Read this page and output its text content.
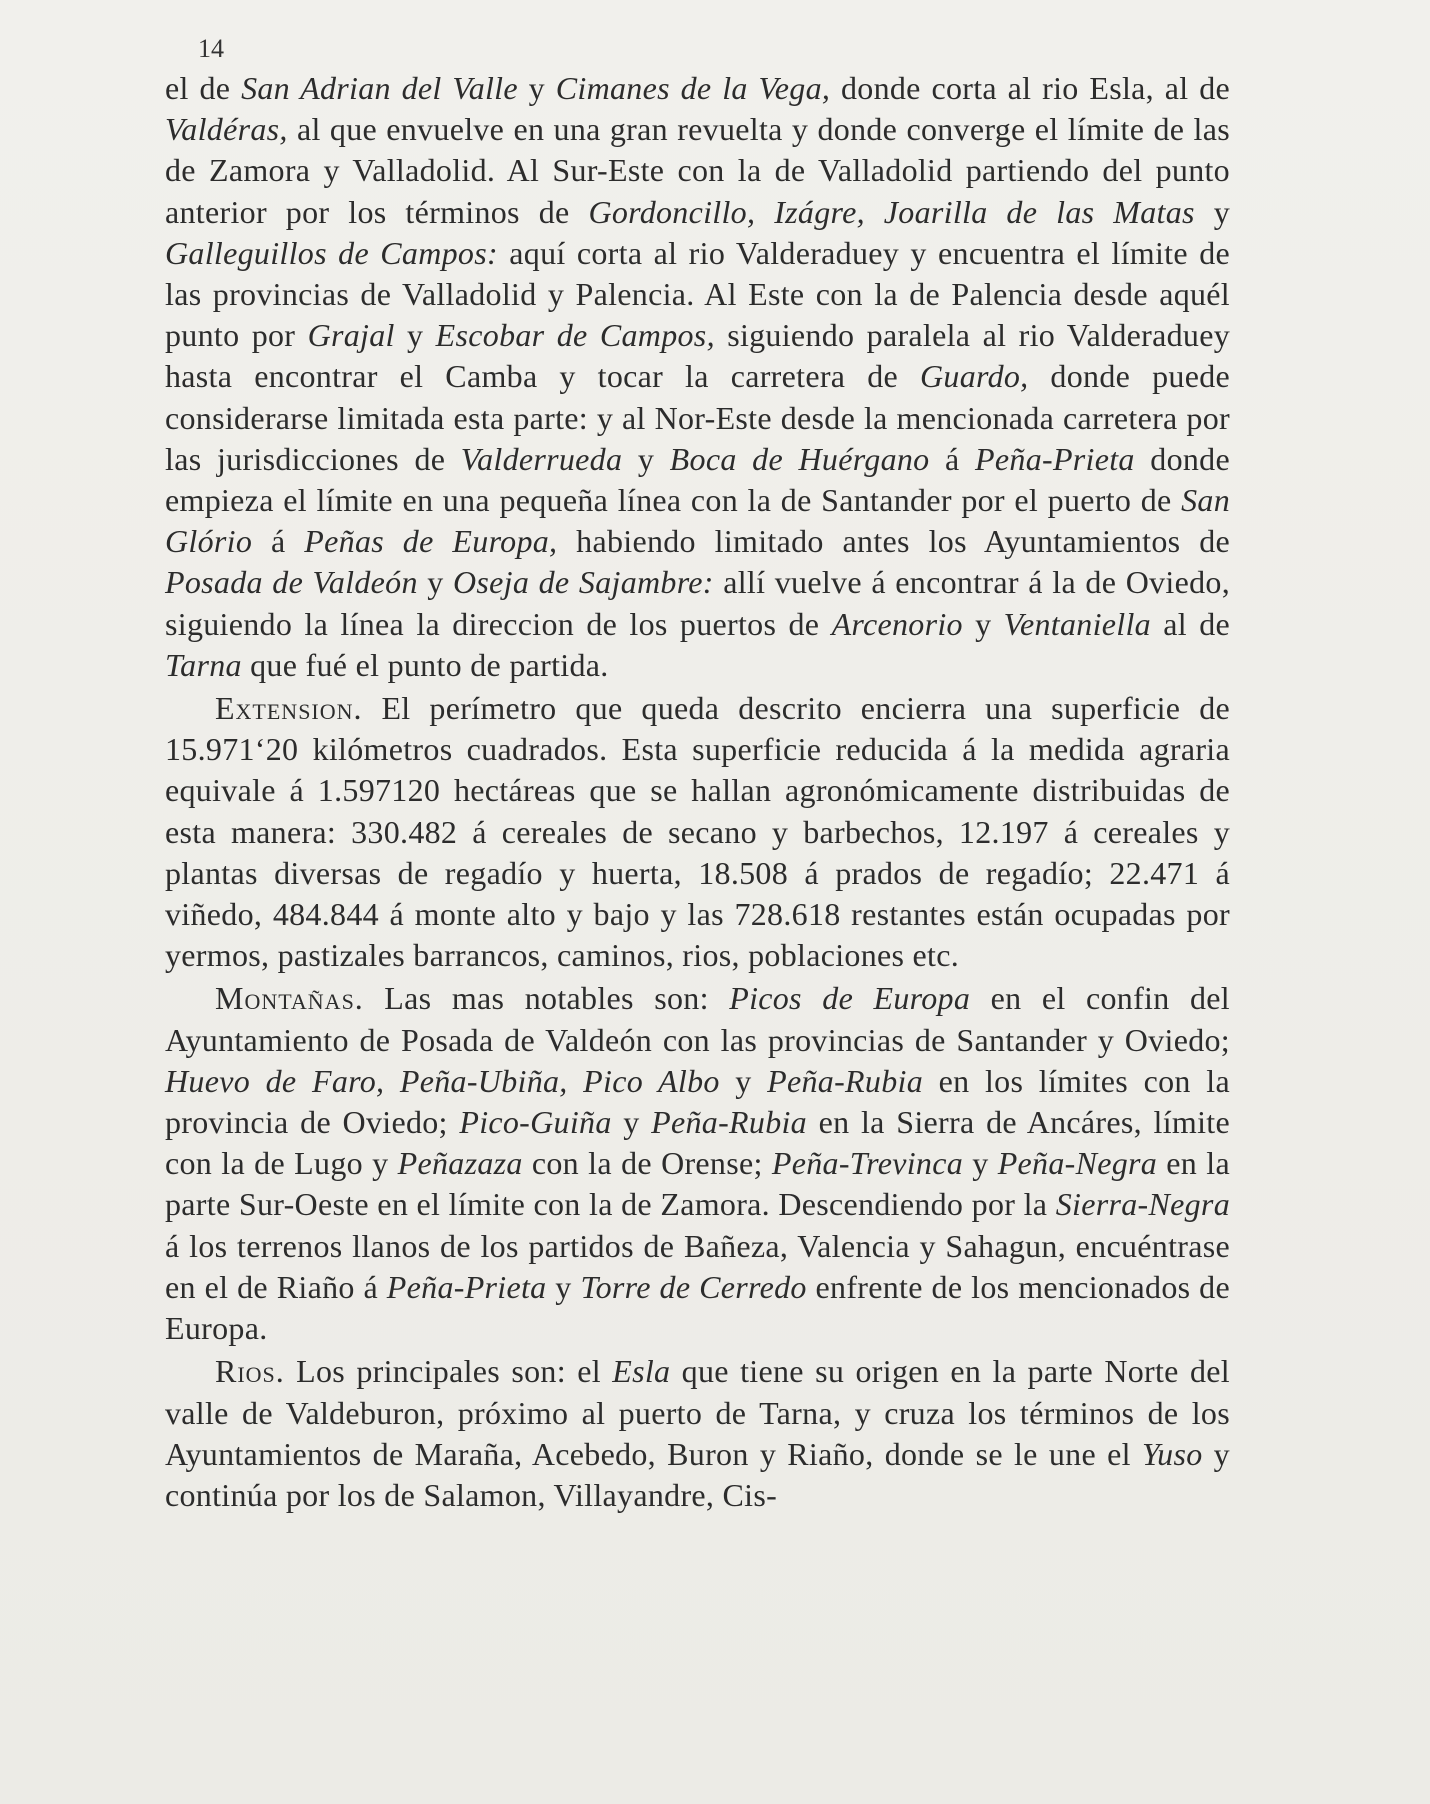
14

el de San Adrian del Valle y Cimanes de la Vega, donde corta al rio Esla, al de Valdéras, al que envuelve en una gran revuelta y donde converge el límite de las de Zamora y Valladolid. Al Sur-Este con la de Valladolid partiendo del punto anterior por los términos de Gordoncillo, Izágre, Joarilla de las Matas y Galleguillos de Campos: aquí corta al rio Valderaduey y encuentra el límite de las provincias de Valladolid y Palencia. Al Este con la de Palencia desde aquél punto por Grajal y Escobar de Campos, siguiendo paralela al rio Valderaduey hasta encontrar el Camba y tocar la carretera de Guardo, donde puede considerarse limitada esta parte: y al Nor-Este desde la mencionada carretera por las jurisdicciones de Valderrueda y Boca de Huérgano á Peña-Prieta donde empieza el límite en una pequeña línea con la de Santander por el puerto de San Glório á Peñas de Europa, habiendo limitado antes los Ayuntamientos de Posada de Valdeón y Oseja de Sajambre: allí vuelve á encontrar á la de Oviedo, siguiendo la línea la direccion de los puertos de Arcenorio y Ventaniella al de Tarna que fué el punto de partida.

Extension. El perímetro que queda descrito encierra una superficie de 15.971‘20 kilómetros cuadrados. Esta superficie reducida á la medida agraria equivale á 1.597120 hectáreas que se hallan agronómicamente distribuidas de esta manera: 330.482 á cereales de secano y barbechos, 12.197 á cereales y plantas diversas de regadío y huerta, 18.508 á prados de regadío; 22.471 á viñedo, 484.844 á monte alto y bajo y las 728.618 restantes están ocupadas por yermos, pastizales barrancos, caminos, rios, poblaciones etc.

Montañas. Las mas notables son: Picos de Europa en el confin del Ayuntamiento de Posada de Valdeón con las provincias de Santander y Oviedo; Huevo de Faro, Peña-Ubiña, Pico Albo y Peña-Rubia en los límites con la provincia de Oviedo; Pico-Guiña y Peña-Rubia en la Sierra de Ancáres, límite con la de Lugo y Peñazaza con la de Orense; Peña-Trevinca y Peña-Negra en la parte Sur-Oeste en el límite con la de Zamora. Descendiendo por la Sierra-Negra á los terrenos llanos de los partidos de Bañeza, Valencia y Sahagun, encuéntrase en el de Riaño á Peña-Prieta y Torre de Cerredo enfrente de los mencionados de Europa.

Rios. Los principales son: el Esla que tiene su origen en la parte Norte del valle de Valdeburon, próximo al puerto de Tarna, y cruza los términos de los Ayuntamientos de Maraña, Acebedo, Buron y Riaño, donde se le une el Yuso y continúa por los de Salamon, Villayandre, Cis-
